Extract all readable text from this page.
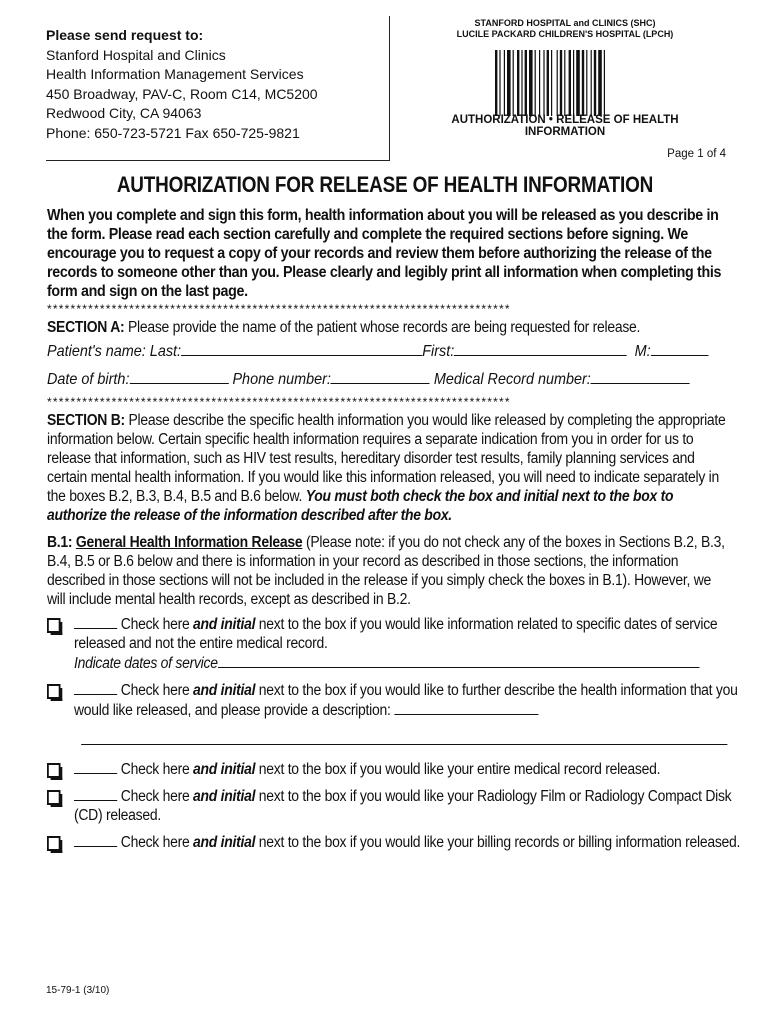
Please send request to:
Stanford Hospital and Clinics
Health Information Management Services
450 Broadway, PAV-C, Room C14, MC5200
Redwood City, CA 94063
Phone: 650-723-5721 Fax 650-725-9821
STANFORD HOSPITAL and CLINICS (SHC)
LUCILE PACKARD CHILDREN'S HOSPITAL (LPCH)
AUTHORIZATION • RELEASE OF HEALTH
INFORMATION
Page 1 of 4
AUTHORIZATION FOR RELEASE OF HEALTH INFORMATION
When you complete and sign this form, health information about you will be released as you describe in the form. Please read each section carefully and complete the required sections before signing. We encourage you to request a copy of your records and review them before authorizing the release of the records to someone other than you. Please clearly and legibly print all information when completing this form and sign on the last page.
*******************************************************************************
SECTION A: Please provide the name of the patient whose records are being requested for release.
Patient's name: Last:	First:	M:
Date of birth:	Phone number:	Medical Record number:
*******************************************************************************
SECTION B: Please describe the specific health information you would like released by completing the appropriate information below. Certain specific health information requires a separate indication from you in order for us to release that information, such as HIV test results, hereditary disorder test results, family planning services and certain mental health information. If you would like this information released, you will need to indicate separately in the boxes B.2, B.3, B.4, B.5 and B.6 below. You must both check the box and initial next to the box to authorize the release of the information described after the box.
B.1: General Health Information Release (Please note: if you do not check any of the boxes in Sections B.2, B.3, B.4, B.5 or B.6 below and there is information in your record as described in those sections, the information described in those sections will not be included in the release if you simply check the boxes in B.1). However, we will include mental health records, except as described in B.2.
Check here and initial next to the box if you would like information related to specific dates of service released and not the entire medical record.
Indicate dates of service
Check here and initial next to the box if you would like to further describe the health information that you would like released, and please provide a description:
Check here and initial next to the box if you would like your entire medical record released.
Check here and initial next to the box if you would like your Radiology Film or Radiology Compact Disk (CD) released.
Check here and initial next to the box if you would like your billing records or billing information released.
15-79-1 (3/10)
